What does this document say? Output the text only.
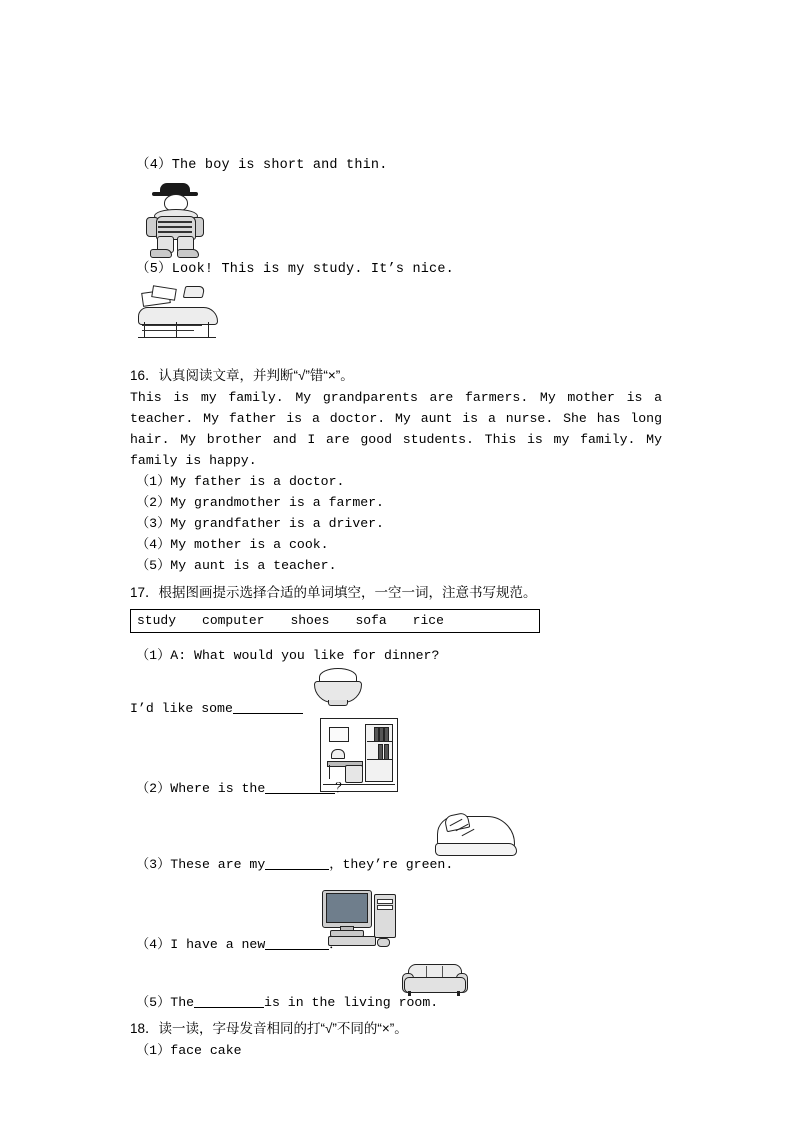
（4）The boy is short and thin.
（5）Look! This is my study. It’s nice.
16．认真阅读文章，并判断“√”错“×”。
This is my family. My grandparents are farmers. My mother is a teacher. My father is a doctor. My aunt is a nurse. She has long hair. My brother and I are good students. This is my family. My family is happy.
（1）My father is a doctor.
（2）My grandmother is a farmer.
（3）My grandfather is a driver.
（4）My mother is a cook.
（5）My aunt is a teacher.
17．根据图画提示选择合适的单词填空，一空一词，注意书写规范。
study computer shoes sofa rice
（1）A: What would you like for dinner?
I’d like some
（2）Where is the	？
（3）These are my	，they’re green.
（4）I have a new	．
（5）The	is in the living room.
18．读一读，字母发音相同的打“√”不同的“×”。
（1）face cake
